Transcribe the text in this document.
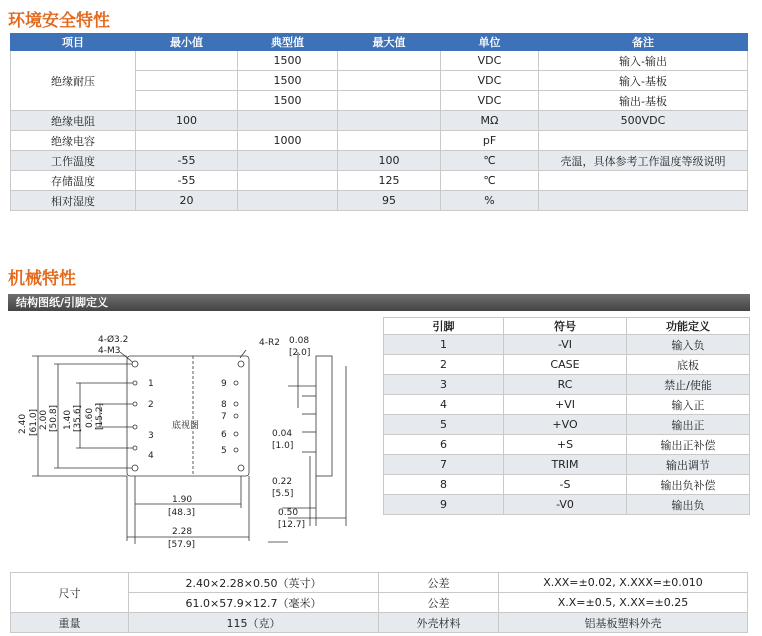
环境安全特性
项目	最小值	典型值	最大值	单位	备注
绝缘耐压		1500		VDC	输入-输出
		1500		VDC	输入-基板
		1500		VDC	输出-基板
绝缘电阻	100			MΩ	500VDC
绝缘电容		1000		pF	
工作温度	-55		100	℃	壳温，具体参考工作温度等级说明
存储温度	-55		125	℃	
相对湿度	20		95	%	
机械特性
结构图纸/引脚定义
4-Ø3.2
4-M3
4-R2
底视图
1
2
3
4
9
8
7
6
5
1.90
[48.3]
2.28
[57.9]
0.08
[2.0]
0.04
[1.0]
0.22
[5.5]
0.50
[12.7]
2.40 [61.0] 2.00 [50.8] 1.40 [35.6] 0.60 [15.2]
引脚	符号	功能定义
1	-VI	输入负
2	CASE	底板
3	RC	禁止/使能
4	+VI	输入正
5	+VO	输出正
6	+S	输出正补偿
7	TRIM	输出调节
8	-S	输出负补偿
9	-V0	输出负
尺寸	2.40×2.28×0.50（英寸）	公差	X.XX=±0.02, X.XXX=±0.010
	61.0×57.9×12.7（毫米）	公差	X.X=±0.5, X.XX=±0.25
重量	115（克）	外壳材料	铝基板塑料外壳
